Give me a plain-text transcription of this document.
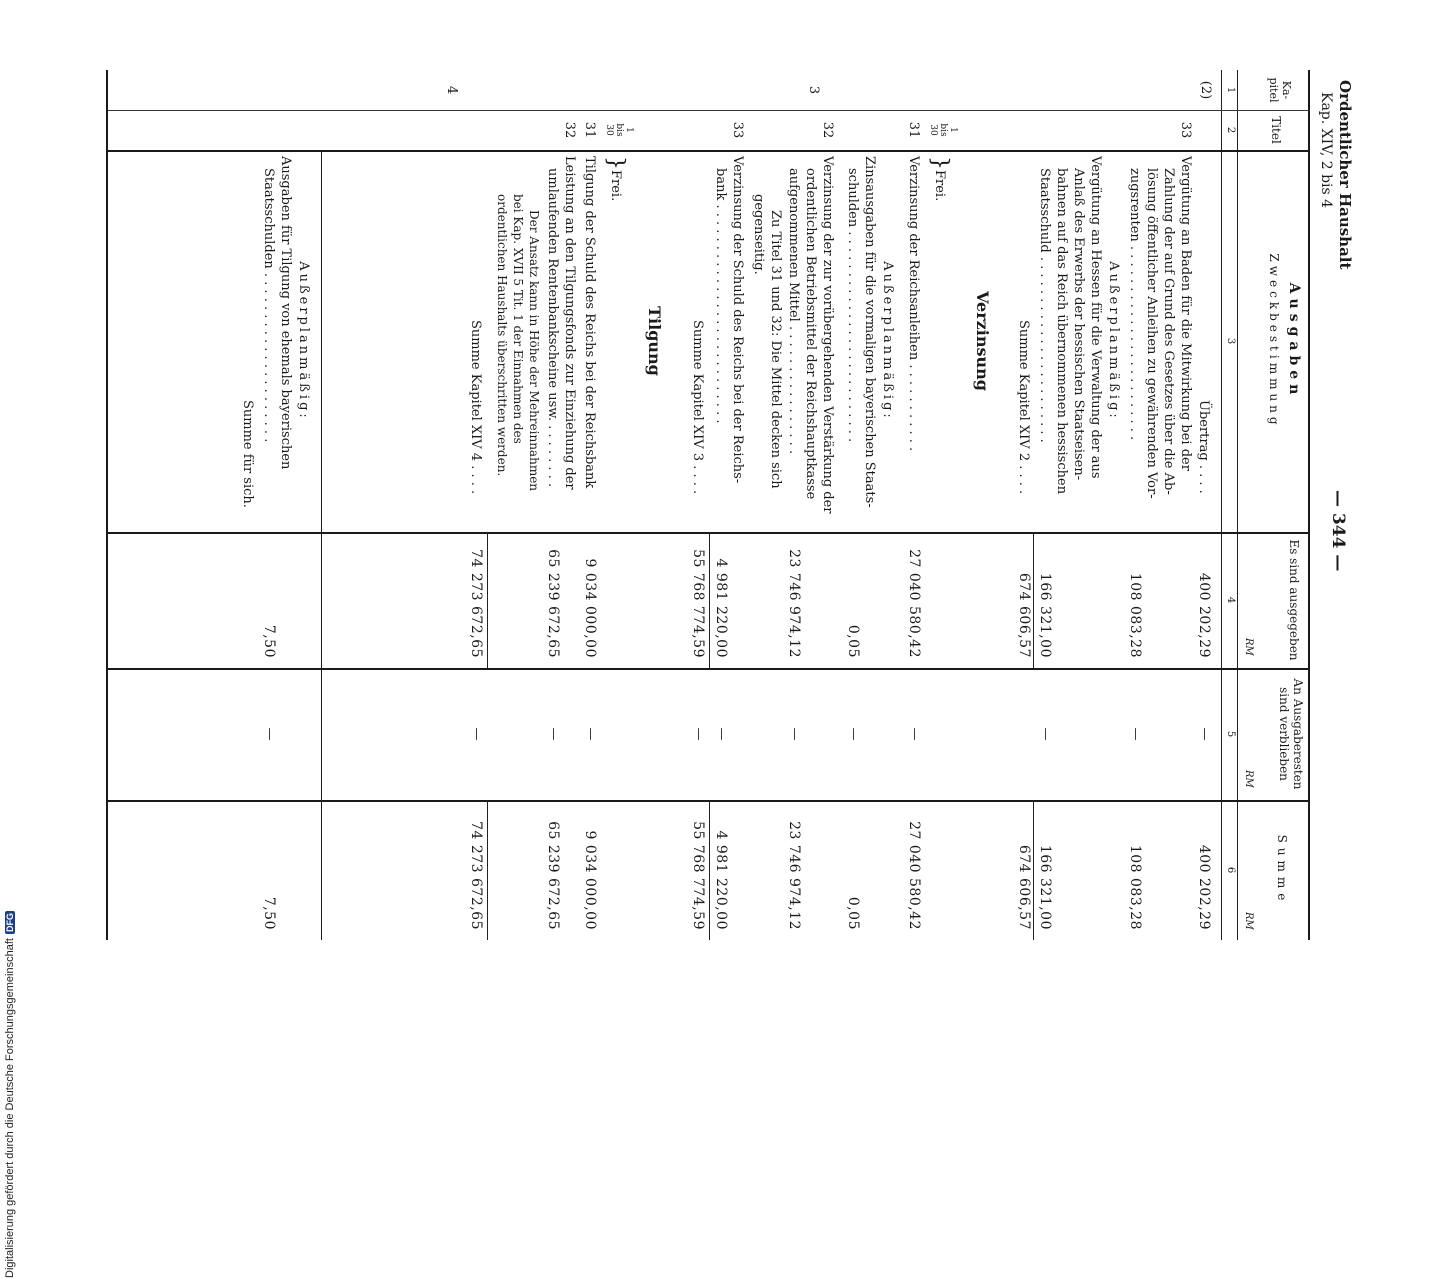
Digitalisierung gefördert durch die Deutsche Forschungsgemeinschaft
DFG
Ordentlicher Haushalt
Kap. XIV, 2 bis 4
— 344 —
Ka-pitel
Titel
Ausgaben
Zweckbestimmung
Es sind ausgegeben
RM
An Ausgaberesten sind verblieben
RM
Summe
RM
1
2
3
4
5
6
(2)
3
4
Übertrag . . . .
400 202,29
—
400 202,29
33
Vergütung an Baden für die Mitwirkung bei der
Zahlung der auf Grund des Gesetzes über die Ab-
lösung öffentlicher Anleihen zu gewährenden Vor-
zugsrenten . . . . . . . . . . . . . . . . . . . . . . . .
108 083,28
—
108 083,28
Außerplanmäßig:
Vergütung an Hessen für die Verwaltung der aus
Anlaß des Erwerbs der hessischen Staatseisen-
bahnen auf das Reich übernommenen hessischen
Staatsschuld . . . . . . . . . . . . . . . . . . . . . . .
166 321,00
—
166 321,00
Summe Kapitel XIV 2 . . . .
674 606,57
674 606,57
Verzinsung
1
bis
30
}
Frei.
31
Verzinsung der Reichsanleihen . . . . . . . . . . .
27 040 580,42
—
27 040 580,42
Außerplanmäßig:
Zinsausgaben für die vormaligen bayerischen Staats-
schulden . . . . . . . . . . . . . . . . . . . . . . . . . .
0,05
—
0,05
32
Verzinsung der zur vorübergehenden Verstärkung der
ordentlichen Betriebsmittel der Reichshauptkasse
aufgenommenen Mittel . . . . . . . . . . . . . . . .
23 746 974,12
—
23 746 974,12
Zu Titel 31 und 32: Die Mittel decken sich
gegenseitig.
33
Verzinsung der Schuld des Reichs bei der Reichs-
bank . . . . . . . . . . . . . . . . . . . . . . . . . . .
4 981 220,00
—
4 981 220,00
Summe Kapitel XIV 3 . . . .
55 768 774,59
—
55 768 774,59
Tilgung
1
bis
30
}
Frei.
31
Tilgung der Schuld des Reichs bei der Reichsbank
9 034 000,00
—
9 034 000,00
32
Leistung an den Tilgungsfonds zur Einziehung der
umlaufenden Rentenbankscheine usw. . . . . . . . .
65 239 672,65
—
65 239 672,65
Der Ansatz kann in Höhe der Mehreinnahmen
bei Kap. XVII 5 Tit. 1 der Einnahmen des
ordentlichen Haushalts überschritten werden.
Summe Kapitel XIV 4 . . . .
74 273 672,65
—
74 273 672,65
Außerplanmäßig:
Ausgaben für Tilgung von ehemals bayerischen
Staatsschulden . . . . . . . . . . . . . . . . . . . . .
7,50
—
7,50
Summe für sich.
